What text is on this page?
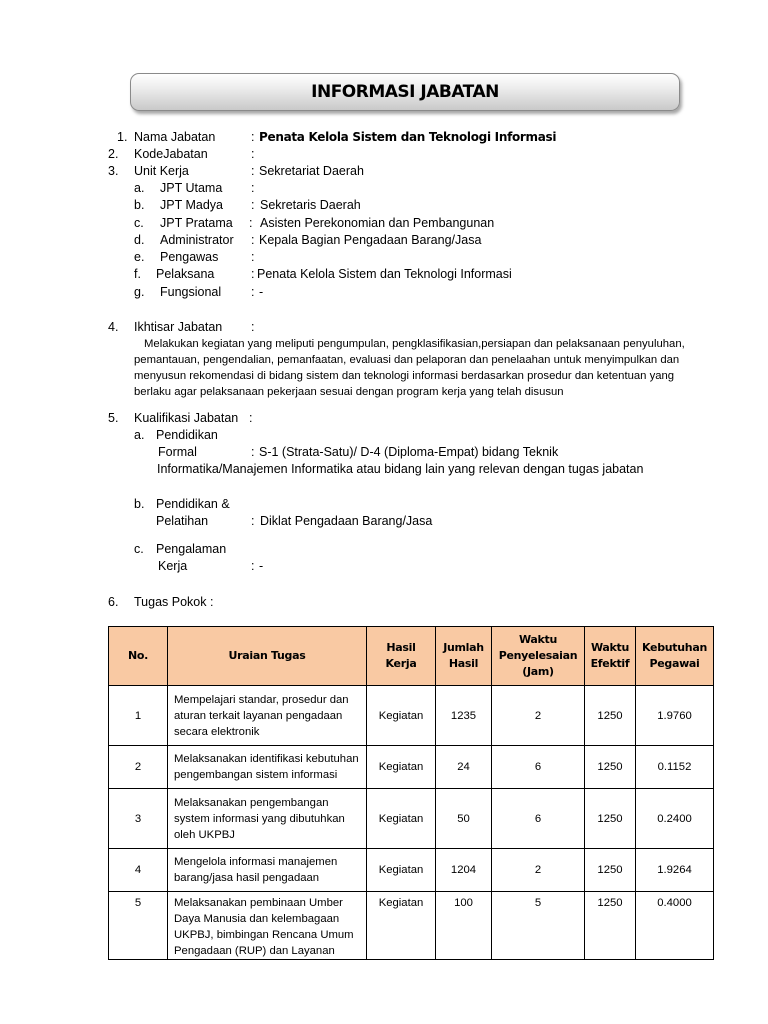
INFORMASI JABATAN
1. Nama Jabatan	: Penata Kelola Sistem dan Teknologi Informasi
2. KodeJabatan	:
3. Unit Kerja	: Sekretariat Daerah
a. JPT Utama :
b. JPT Madya : Sekretaris Daerah
c. JPT Pratama : Asisten Perekonomian dan Pembangunan
d. Administrator : Kepala Bagian Pengadaan Barang/Jasa
e. Pengawas	:
f. Pelaksana	: Penata Kelola Sistem dan Teknologi Informasi
g. Fungsional : -
4. Ikhtisar Jabatan :
Melakukan kegiatan yang meliputi pengumpulan, pengklasifikasian,persiapan dan pelaksanaan penyuluhan,
pemantauan, pengendalian, pemanfaatan, evaluasi dan pelaporan dan penelaahan untuk menyimpulkan dan
menyusun rekomendasi di bidang sistem dan teknologi informasi berdasarkan prosedur dan ketentuan yang
berlaku agar pelaksanaan pekerjaan sesuai dengan program kerja yang telah disusun
5. Kualifikasi Jabatan :
a. Pendidikan
Formal	: S-1 (Strata-Satu)/ D-4 (Diploma-Empat) bidang Teknik
Informatika/Manajemen Informatika atau bidang lain yang relevan dengan tugas jabatan
b. Pendidikan &
Pelatihan	: Diklat Pengadaan Barang/Jasa
c. Pengalaman
Kerja	: -
6. Tugas Pokok :
No.	Uraian Tugas	Hasil Kerja	Jumlah Hasil	Waktu Penyelesaian (Jam)	Waktu Efektif	Kebutuhan Pegawai
1	Mempelajari standar, prosedur dan aturan terkait layanan pengadaan secara elektronik	Kegiatan	1235	2	1250	1.9760
2	Melaksanakan identifikasi kebutuhan pengembangan sistem informasi	Kegiatan	24	6	1250	0.1152
3	Melaksanakan pengembangan system informasi yang dibutuhkan oleh UKPBJ	Kegiatan	50	6	1250	0.2400
4	Mengelola informasi manajemen barang/jasa hasil pengadaan	Kegiatan	1204	2	1250	1.9264
5	Melaksanakan pembinaan Umber Daya Manusia dan kelembagaan UKPBJ, bimbingan Rencana Umum Pengadaan (RUP) dan Layanan	Kegiatan	100	5	1250	0.4000
